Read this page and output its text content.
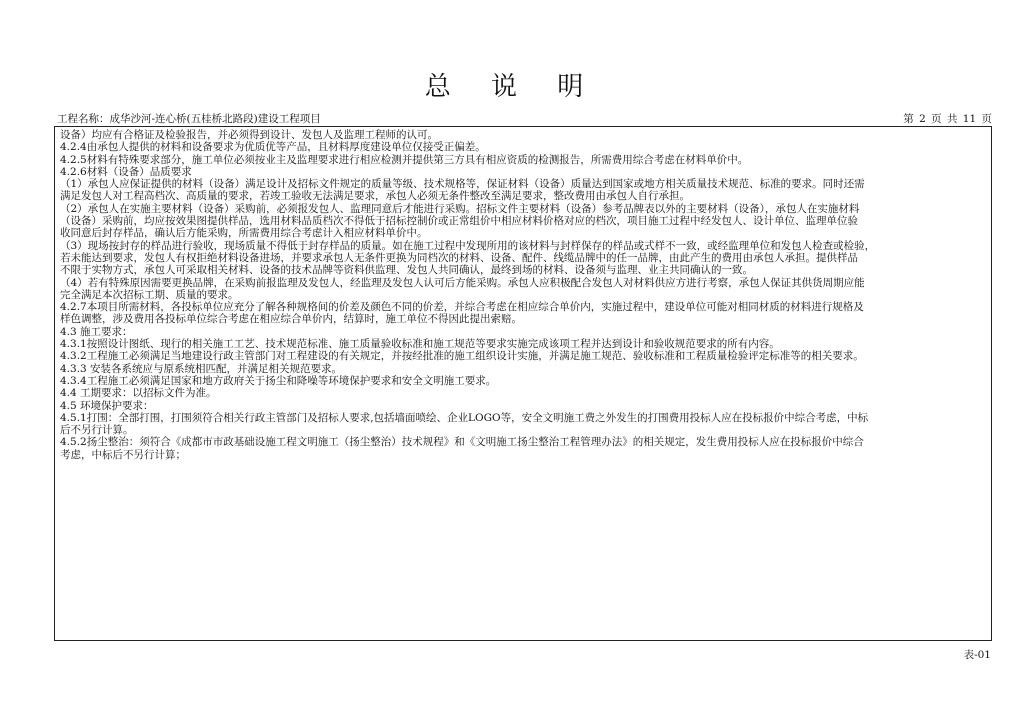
总 说 明
工程名称：成华沙河-连心桥(五桂桥北路段)建设工程项目	第 2 页 共 11 页
设备）均应有合格证及检验报告，并必须得到设计、发包人及监理工程师的认可。
4.2.4由承包人提供的材料和设备要求为优质优等产品，且材料厚度建设单位仅接受正偏差。
4.2.5材料有特殊要求部分，施工单位必须按业主及监理要求进行相应检测并提供第三方具有相应资质的检测报告，所需费用综合考虑在材料单价中。
4.2.6材料（设备）品质要求
（1）承包人应保证提供的材料（设备）满足设计及招标文件规定的质量等级、技术规格等，保证材料（设备）质量达到国家或地方相关质量技术规范、标准的要求。同时还需
满足发包人对工程高档次、高质量的要求，若竣工验收无法满足要求，承包人必须无条件整改至满足要求，整改费用由承包人自行承担。
（2）承包人在实施主要材料（设备）采购前，必须报发包人、监理同意后才能进行采购。招标文件主要材料（设备）参考品牌表以外的主要材料（设备），承包人在实施材料
（设备）采购前，均应按效果图提供样品，选用材料品质档次不得低于招标控制价或正常组价中相应材料价格对应的档次，项目施工过程中经发包人、设计单位、监理单位验
收同意后封存样品，确认后方能采购，所需费用综合考虑计入相应材料单价中。
（3）现场按封存的样品进行验收，现场质量不得低于封存样品的质量。如在施工过程中发现所用的该材料与封样保存的样品或式样不一致，或经监理单位和发包人检查或检验，
若未能达到要求，发包人有权拒绝材料设备进场，并要求承包人无条件更换为同档次的材料、设备、配件、线缆品牌中的任一品牌，由此产生的费用由承包人承担。提供样品
不限于实物方式，承包人可采取相关材料、设备的技术品牌等资料供监理、发包人共同确认，最终到场的材料、设备须与监理、业主共同确认的一致。
（4）若有特殊原因需要更换品牌，在采购前报监理及发包人，经监理及发包人认可后方能采购。承包人应积极配合发包人对材料供应方进行考察，承包人保证其供货周期应能
完全满足本次招标工期、质量的要求。
4.2.7本项目所需材料，各投标单位应充分了解各种规格间的价差及颜色不同的价差，并综合考虑在相应综合单价内，实施过程中，建设单位可能对相同材质的材料进行规格及
样色调整，涉及费用各投标单位综合考虑在相应综合单价内，结算时，施工单位不得因此提出索赔。
4.3 施工要求：
4.3.1按照设计图纸、现行的相关施工工艺、技术规范标准、施工质量验收标准和施工规范等要求实施完成该项工程并达到设计和验收规范要求的所有内容。
4.3.2工程施工必须满足当地建设行政主管部门对工程建设的有关规定，并按经批准的施工组织设计实施，并满足施工规范、验收标准和工程质量检验评定标准等的相关要求。
4.3.3 安装各系统应与原系统相匹配，并满足相关规范要求。
4.3.4工程施工必须满足国家和地方政府关于扬尘和降噪等环境保护要求和安全文明施工要求。
4.4 工期要求：以招标文件为准。
4.5 环境保护要求：
4.5.1打围：全部打围，打围须符合相关行政主管部门及招标人要求,包括墙面喷绘、企业LOGO等，安全文明施工费之外发生的打围费用投标人应在投标报价中综合考虑，中标
后不另行计算。
4.5.2扬尘整治：须符合《成都市市政基础设施工程文明施工（扬尘整治）技术规程》和《文明施工扬尘整治工程管理办法》的相关规定，发生费用投标人应在投标报价中综合
考虑，中标后不另行计算；
表-01
